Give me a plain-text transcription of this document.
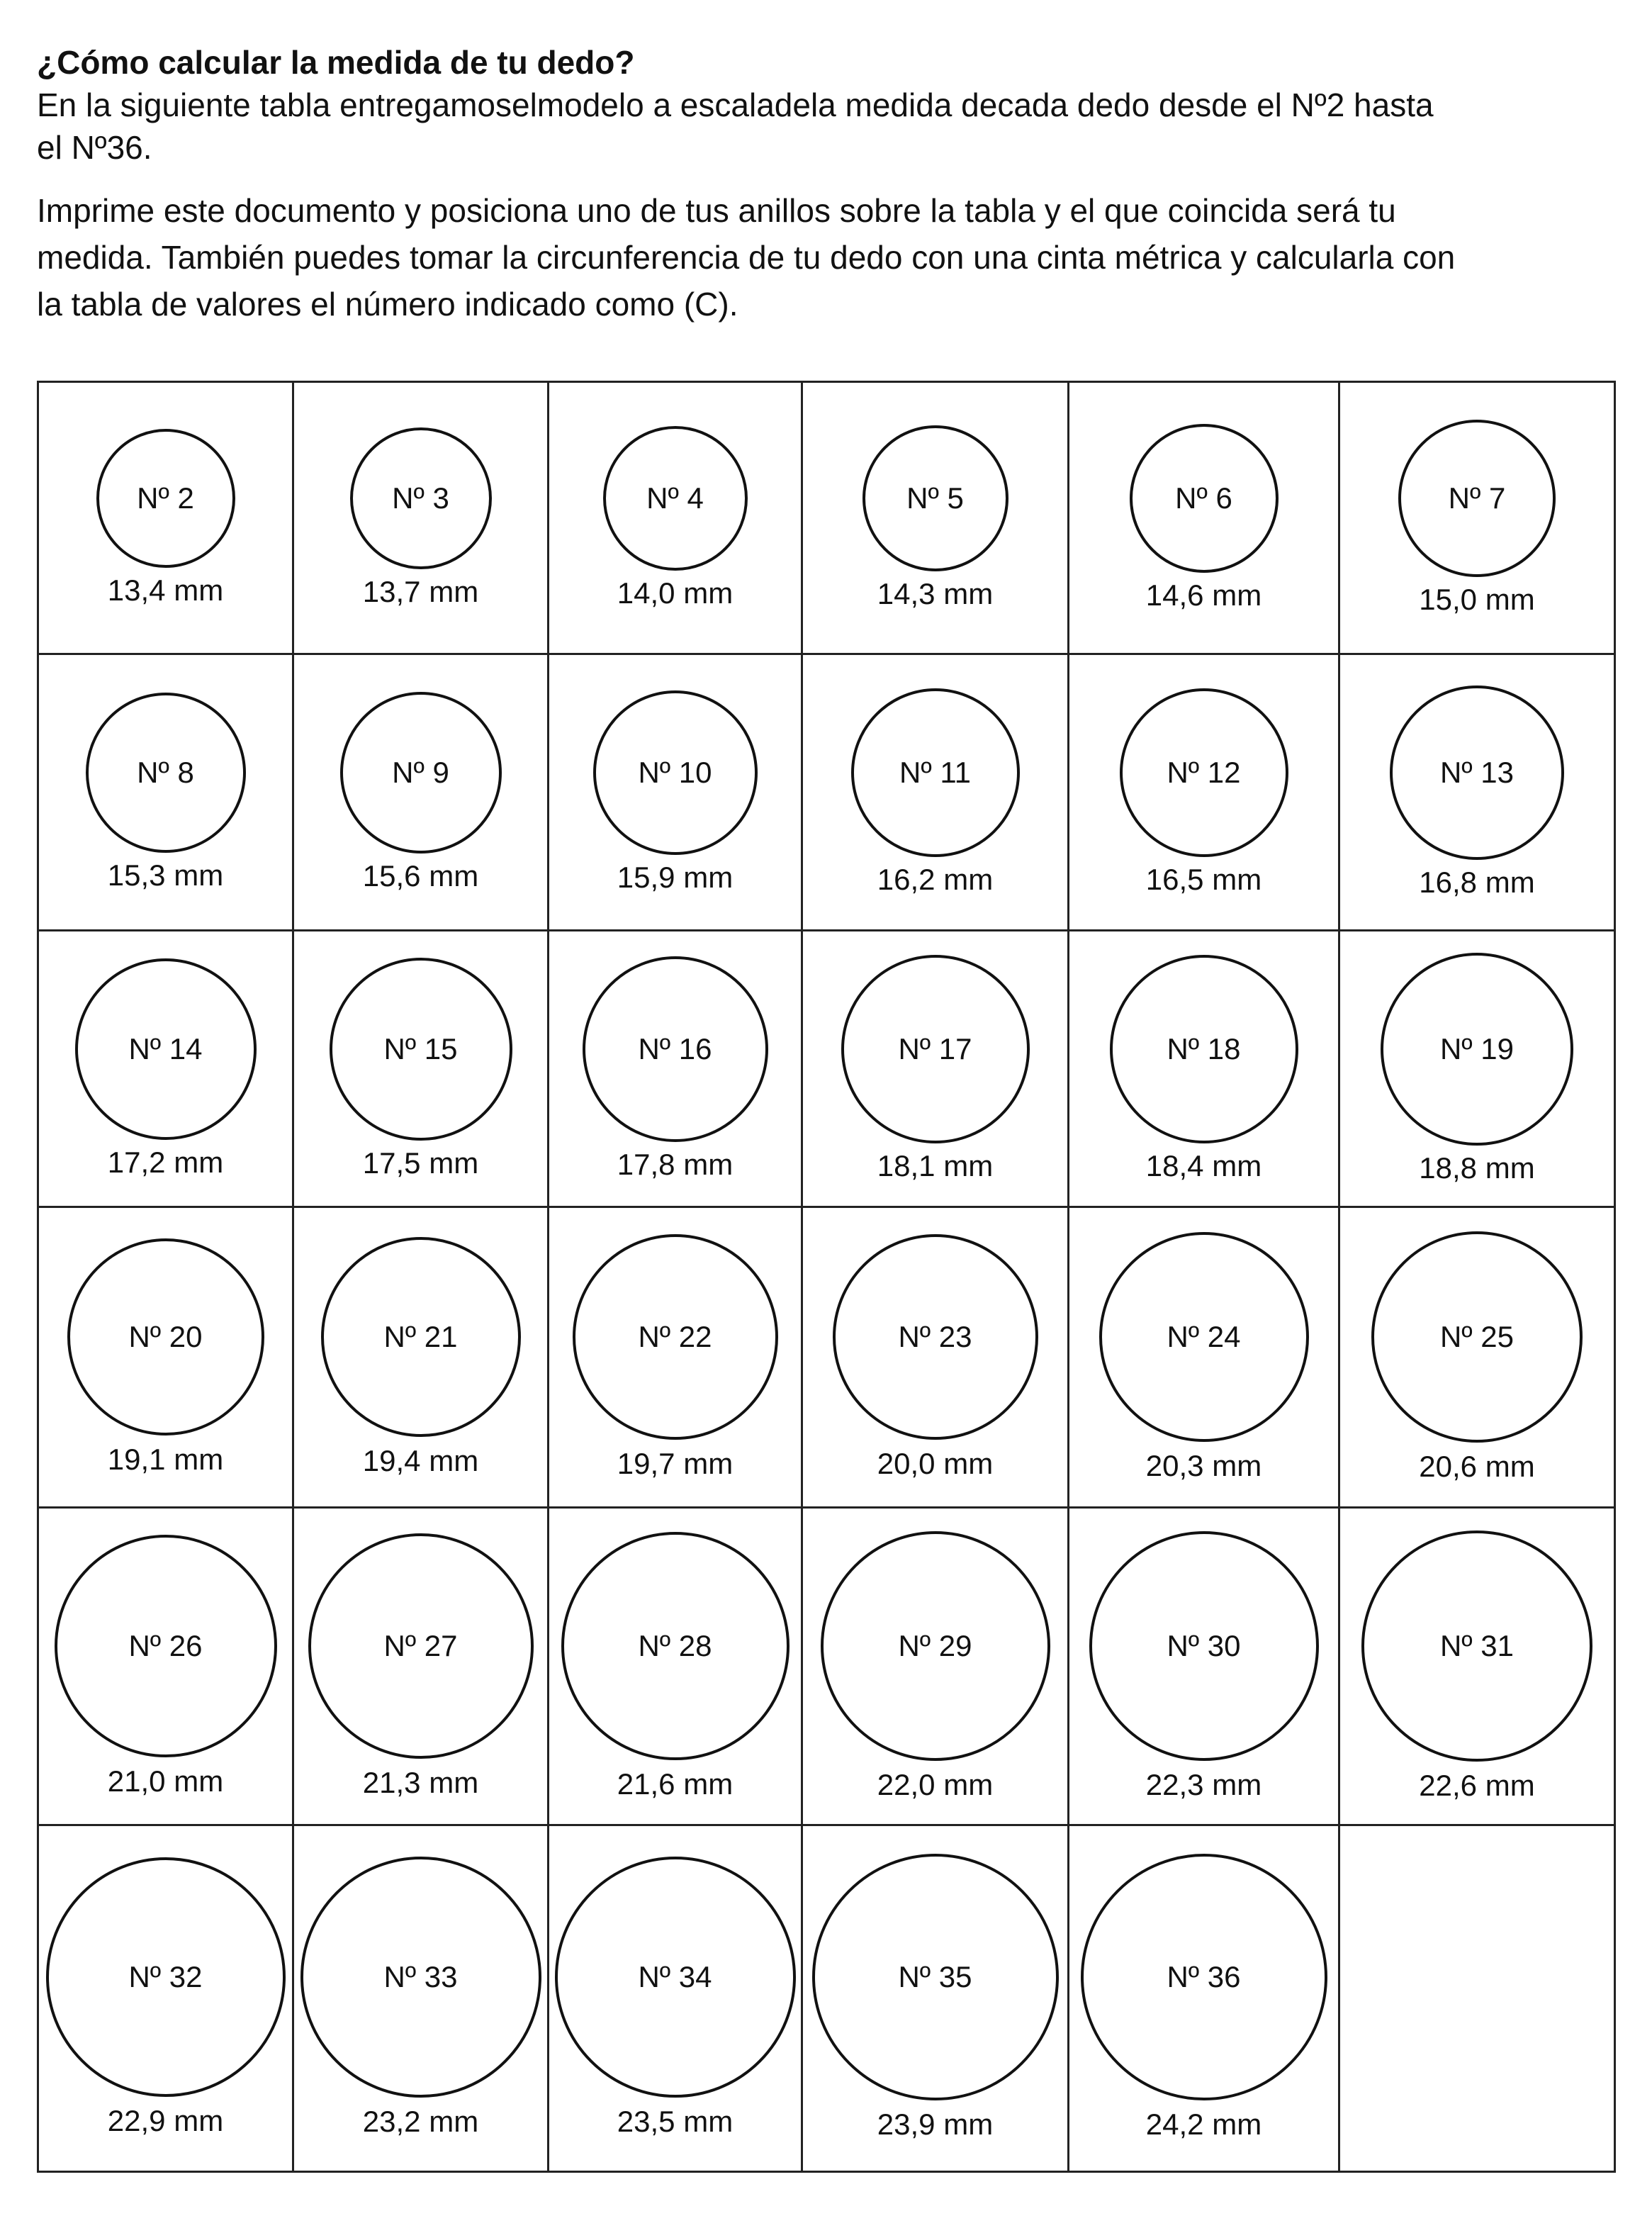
¿Cómo calcular la medida de tu dedo?

En la siguiente tabla entregamoselmodelo a escaladela medida decada dedo desde el Nº2 hasta
el Nº36.

Imprime este documento y posiciona uno de tus anillos sobre la tabla y el que coincida será tu
medida. También puedes tomar la circunferencia de tu dedo con una cinta métrica y calcularla con
la tabla de valores el número indicado como (C).

Nº 2
13,4 mm
Nº 3
13,7 mm
Nº 4
14,0 mm
Nº 5
14,3 mm
Nº 6
14,6 mm
Nº 7
15,0 mm
Nº 8
15,3 mm
Nº 9
15,6 mm
Nº 10
15,9 mm
Nº 11
16,2 mm
Nº 12
16,5 mm
Nº 13
16,8 mm
Nº 14
17,2 mm
Nº 15
17,5 mm
Nº 16
17,8 mm
Nº 17
18,1 mm
Nº 18
18,4 mm
Nº 19
18,8 mm
Nº 20
19,1 mm
Nº 21
19,4 mm
Nº 22
19,7 mm
Nº 23
20,0 mm
Nº 24
20,3 mm
Nº 25
20,6 mm
Nº 26
21,0 mm
Nº 27
21,3 mm
Nº 28
21,6 mm
Nº 29
22,0 mm
Nº 30
22,3 mm
Nº 31
22,6 mm
Nº 32
22,9 mm
Nº 33
23,2 mm
Nº 34
23,5 mm
Nº 35
23,9 mm
Nº 36
24,2 mm
